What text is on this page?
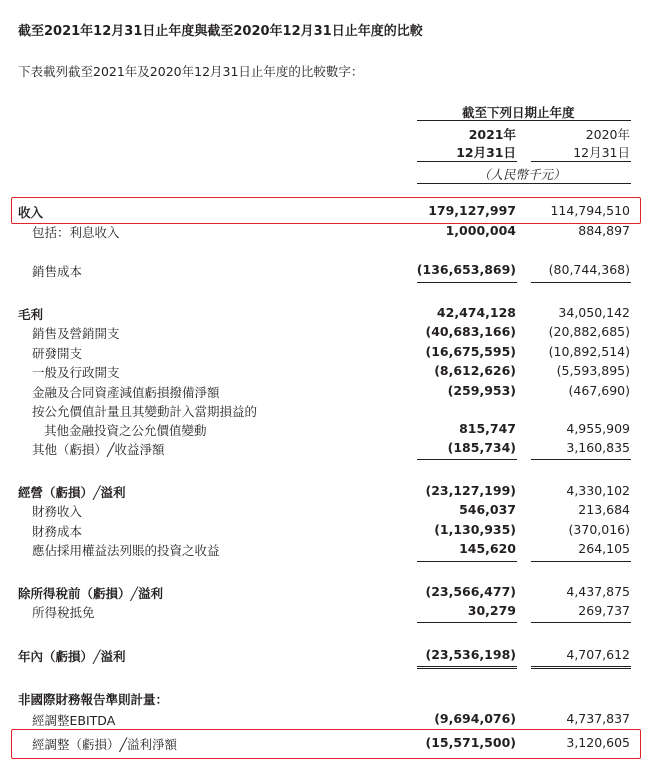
截至2021年12月31日止年度與截至2020年12月31日止年度的比較
下表載列截至2021年及2020年12月31日止年度的比較數字：
截至下列日期止年度
2021年
12月31日
2020年
12月31日
（人民幣千元）
收入	179,127,997	114,794,510
包括：利息收入	1,000,004	884,897
銷售成本	(136,653,869)	(80,744,368)
毛利	42,474,128	34,050,142
銷售及營銷開支	(40,683,166)	(20,882,685)
研發開支	(16,675,595)	(10,892,514)
一般及行政開支	(8,612,626)	(5,593,895)
金融及合同資產減值虧損撥備淨額	(259,953)	(467,690)
按公允價值計量且其變動計入當期損益的
其他金融投資之公允價值變動	815,747	4,955,909
其他（虧損）╱收益淨額	(185,734)	3,160,835
經營（虧損）╱溢利	(23,127,199)	4,330,102
財務收入	546,037	213,684
財務成本	(1,130,935)	(370,016)
應佔採用權益法列賬的投資之收益	145,620	264,105
除所得稅前（虧損）╱溢利	(23,566,477)	4,437,875
所得稅抵免	30,279	269,737
年內（虧損）╱溢利	(23,536,198)	4,707,612
非國際財務報告準則計量：
經調整EBITDA	(9,694,076)	4,737,837
經調整（虧損）╱溢利淨額	(15,571,500)	3,120,605
